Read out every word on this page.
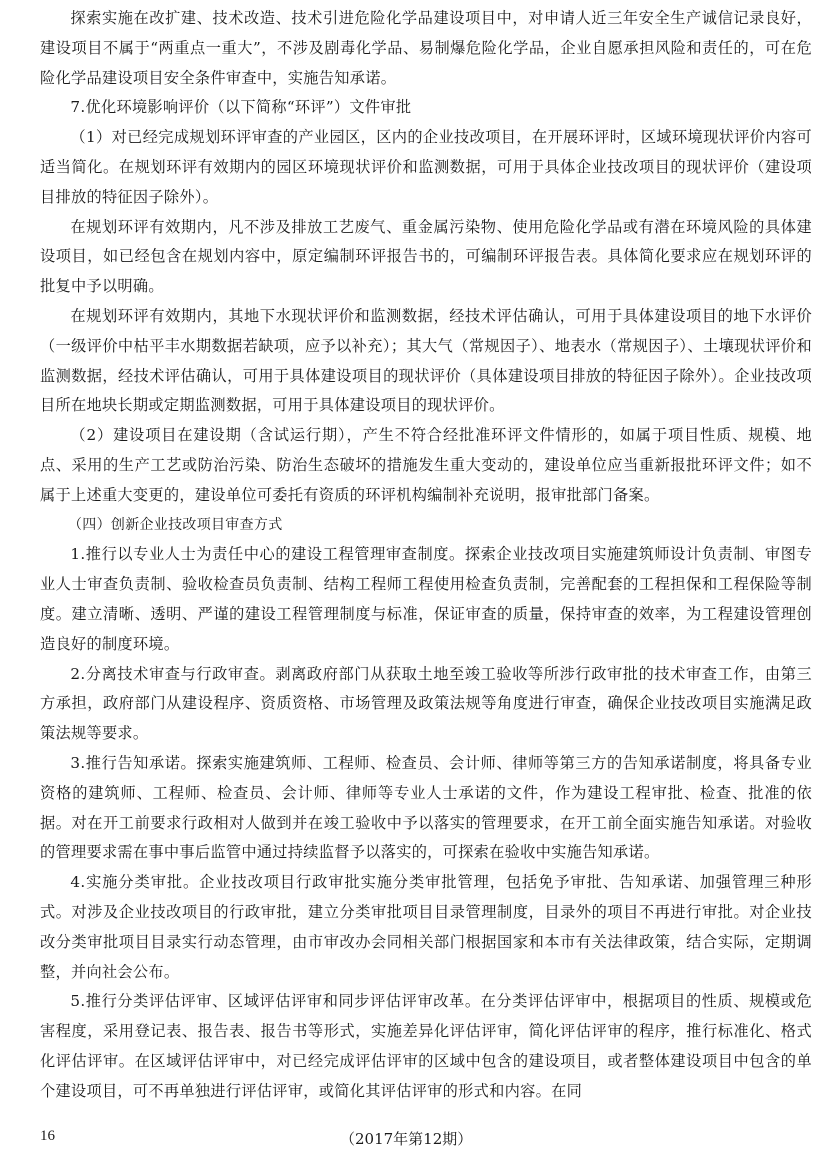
探索实施在改扩建、技术改造、技术引进危险化学品建设项目中，对申请人近三年安全生产诚信记录良好，建设项目不属于“两重点一重大”，不涉及剧毒化学品、易制爆危险化学品，企业自愿承担风险和责任的，可在危险化学品建设项目安全条件审查中，实施告知承诺。

7.优化环境影响评价（以下简称“环评”）文件审批

（1）对已经完成规划环评审查的产业园区，区内的企业技改项目，在开展环评时，区域环境现状评价内容可适当简化。在规划环评有效期内的园区环境现状评价和监测数据，可用于具体企业技改项目的现状评价（建设项目排放的特征因子除外）。

在规划环评有效期内，凡不涉及排放工艺废气、重金属污染物、使用危险化学品或有潜在环境风险的具体建设项目，如已经包含在规划内容中，原定编制环评报告书的，可编制环评报告表。具体简化要求应在规划环评的批复中予以明确。

在规划环评有效期内，其地下水现状评价和监测数据，经技术评估确认，可用于具体建设项目的地下水评价（一级评价中枯平丰水期数据若缺项，应予以补充）；其大气（常规因子）、地表水（常规因子）、土壤现状评价和监测数据，经技术评估确认，可用于具体建设项目的现状评价（具体建设项目排放的特征因子除外）。企业技改项目所在地块长期或定期监测数据，可用于具体建设项目的现状评价。

（2）建设项目在建设期（含试运行期），产生不符合经批准环评文件情形的，如属于项目性质、规模、地点、采用的生产工艺或防治污染、防治生态破坏的措施发生重大变动的，建设单位应当重新报批环评文件；如不属于上述重大变更的，建设单位可委托有资质的环评机构编制补充说明，报审批部门备案。

（四）创新企业技改项目审查方式

1.推行以专业人士为责任中心的建设工程管理审查制度。探索企业技改项目实施建筑师设计负责制、审图专业人士审查负责制、验收检查员负责制、结构工程师工程使用检查负责制，完善配套的工程担保和工程保险等制度。建立清晰、透明、严谨的建设工程管理制度与标准，保证审查的质量，保持审查的效率，为工程建设管理创造良好的制度环境。

2.分离技术审查与行政审查。剥离政府部门从获取土地至竣工验收等所涉行政审批的技术审查工作，由第三方承担，政府部门从建设程序、资质资格、市场管理及政策法规等角度进行审查，确保企业技改项目实施满足政策法规等要求。

3.推行告知承诺。探索实施建筑师、工程师、检查员、会计师、律师等第三方的告知承诺制度，将具备专业资格的建筑师、工程师、检查员、会计师、律师等专业人士承诺的文件，作为建设工程审批、检查、批准的依据。对在开工前要求行政相对人做到并在竣工验收中予以落实的管理要求，在开工前全面实施告知承诺。对验收的管理要求需在事中事后监管中通过持续监督予以落实的，可探索在验收中实施告知承诺。

4.实施分类审批。企业技改项目行政审批实施分类审批管理，包括免予审批、告知承诺、加强管理三种形式。对涉及企业技改项目的行政审批，建立分类审批项目目录管理制度，目录外的项目不再进行审批。对企业技改分类审批项目目录实行动态管理，由市审改办会同相关部门根据国家和本市有关法律政策，结合实际，定期调整，并向社会公布。

5.推行分类评估评审、区域评估评审和同步评估评审改革。在分类评估评审中，根据项目的性质、规模或危害程度，采用登记表、报告表、报告书等形式，实施差异化评估评审，简化评估评审的程序，推行标准化、格式化评估评审。在区域评估评审中，对已经完成评估评审的区域中包含的建设项目，或者整体建设项目中包含的单个建设项目，可不再单独进行评估评审，或简化其评估评审的形式和内容。在同

16	（2017年第12期）
